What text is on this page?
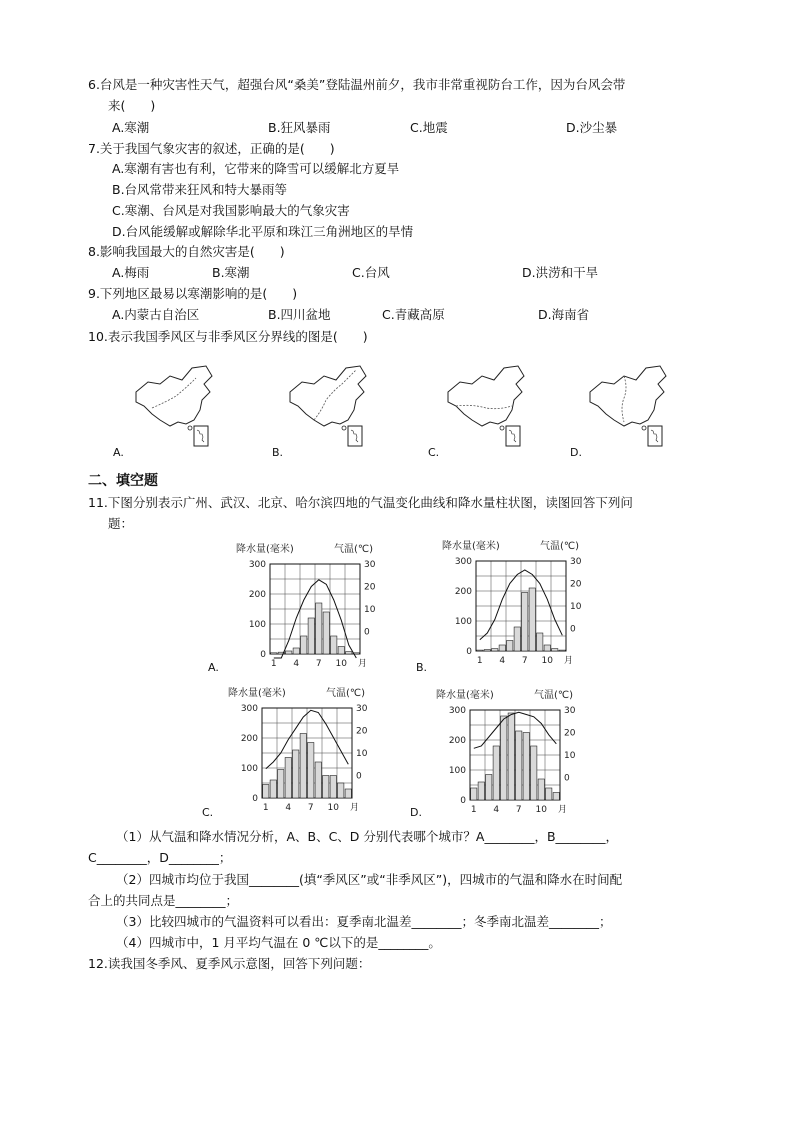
6.台风是一种灾害性天气，超强台风“桑美”登陆温州前夕，我市非常重视防台工作，因为台风会带
来(　　)
A.寒潮	B.狂风暴雨	C.地震	D.沙尘暴
7.关于我国气象灾害的叙述，正确的是(　　)
A.寒潮有害也有利，它带来的降雪可以缓解北方夏旱
B.台风常带来狂风和特大暴雨等
C.寒潮、台风是对我国影响最大的气象灾害
D.台风能缓解或解除华北平原和珠江三角洲地区的旱情
8.影响我国最大的自然灾害是(　　)
A.梅雨	B.寒潮	C.台风	D.洪涝和干旱
9.下列地区最易以寒潮影响的是(　　)
A.内蒙古自治区	B.四川盆地	C.青藏高原	D.海南省
10.表示我国季风区与非季风区分界线的图是(　　)
A.	B.	C.	D.
二、填空题
11.下图分别表示广州、武汉、北京、哈尔滨四地的气温变化曲线和降水量柱状图，读图回答下列问
题：
降水量(毫米)	气温(℃)
0
100
200
300
0
10
20
30
1 4 7 10 月
A.
降水量(毫米)	气温(℃)
0
100
200
300
0
10
20
30
1 4 7 10 月
B.
降水量(毫米)	气温(℃)
0
100
200
300
0
10
20
30
1 4 7 10 月
C.
降水量(毫米)	气温(℃)
0
100
200
300
0
10
20
30
1 4 7 10 月
D.
（1）从气温和降水情况分析，A、B、C、D 分别代表哪个城市？A________，B________，
C________，D________；
（2）四城市均位于我国________(填“季风区”或“非季风区”)，四城市的气温和降水在时间配
合上的共同点是________；
（3）比较四城市的气温资料可以看出：夏季南北温差________；冬季南北温差________；
（4）四城市中，1 月平均气温在 0 ℃以下的是________。
12.读我国冬季风、夏季风示意图，回答下列问题：
